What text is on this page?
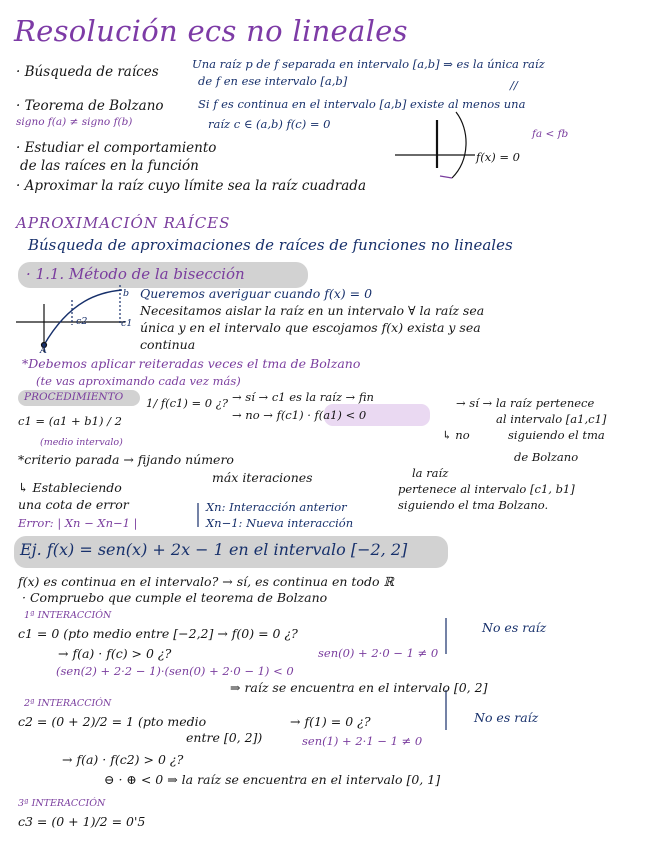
Resolución ecs no lineales
· Búsqueda de raíces	Una raíz p de f separada en intervalo [a,b] ⇒ es la única raíz
de f en ese intervalo [a,b]	//
· Teorema de Bolzano
signo f(a) ≠ signo f(b)
Si f es continua en el intervalo [a,b] existe al menos una
raíz c ∈ (a,b) f(c) = 0
· Estudiar el comportamiento
de las raíces en la función
fa < fb
f(x) = 0
· Aproximar la raíz cuyo límite sea la raíz cuadrada
APROXIMACIÓN RAÍCES
Búsqueda de aproximaciones de raíces de funciones no lineales
· 1.1. Método de la bisección
b
c2	c1
A
Queremos averiguar cuando f(x) = 0
Necesitamos aislar la raíz en un intervalo ∀ la raíz sea
única y en el intervalo que escojamos f(x) exista y sea
continua
*Debemos aplicar reiteradas veces el tma de Bolzano
(te vas aproximando cada vez más)
PROCEDIMIENTO
c1 = (a1 + b1) / 2
(medio intervalo)
1/ f(c1) = 0 ¿? → sí → c1 es la raíz → fin
→ no → f(c1) · f(a1) < 0
→ sí → la raíz pertenece
al intervalo [a1,c1]
siguiendo el tma
de Bolzano
↳ no
la raíz
pertenece al intervalo [c1, b1]
siguiendo el tma Bolzano.
*criterio parada → fijando número
máx iteraciones
↳ Estableciendo
una cota de error
Error: | Xn − Xn−1 |
Xn: Interacción anterior
Xn−1: Nueva interacción
Ej. f(x) = sen(x) + 2x − 1 en el intervalo [−2, 2]
f(x) es continua en el intervalo? → sí, es continua en todo ℝ
· Compruebo que cumple el teorema de Bolzano
1ª INTERACCIÓN
c1 = 0 (pto medio entre [−2,2] → f(0) = 0 ¿?
sen(0) + 2·0 − 1 ≠ 0
No es raíz
→ f(a) · f(c) > 0 ¿?
(sen(2) + 2·2 − 1)·(sen(0) + 2·0 − 1) < 0
⇒ raíz se encuentra en el intervalo [0, 2]
2ª INTERACCIÓN
c2 = (0 + 2)/2 = 1 (pto medio
entre [0, 2])
→ f(1) = 0 ¿?
sen(1) + 2·1 − 1 ≠ 0
No es raíz
→ f(a) · f(c2) > 0 ¿?
⊖ · ⊕ < 0 ⇒ la raíz se encuentra en el intervalo [0, 1]
3ª INTERACCIÓN
c3 = (0 + 1)/2 = 0'5
